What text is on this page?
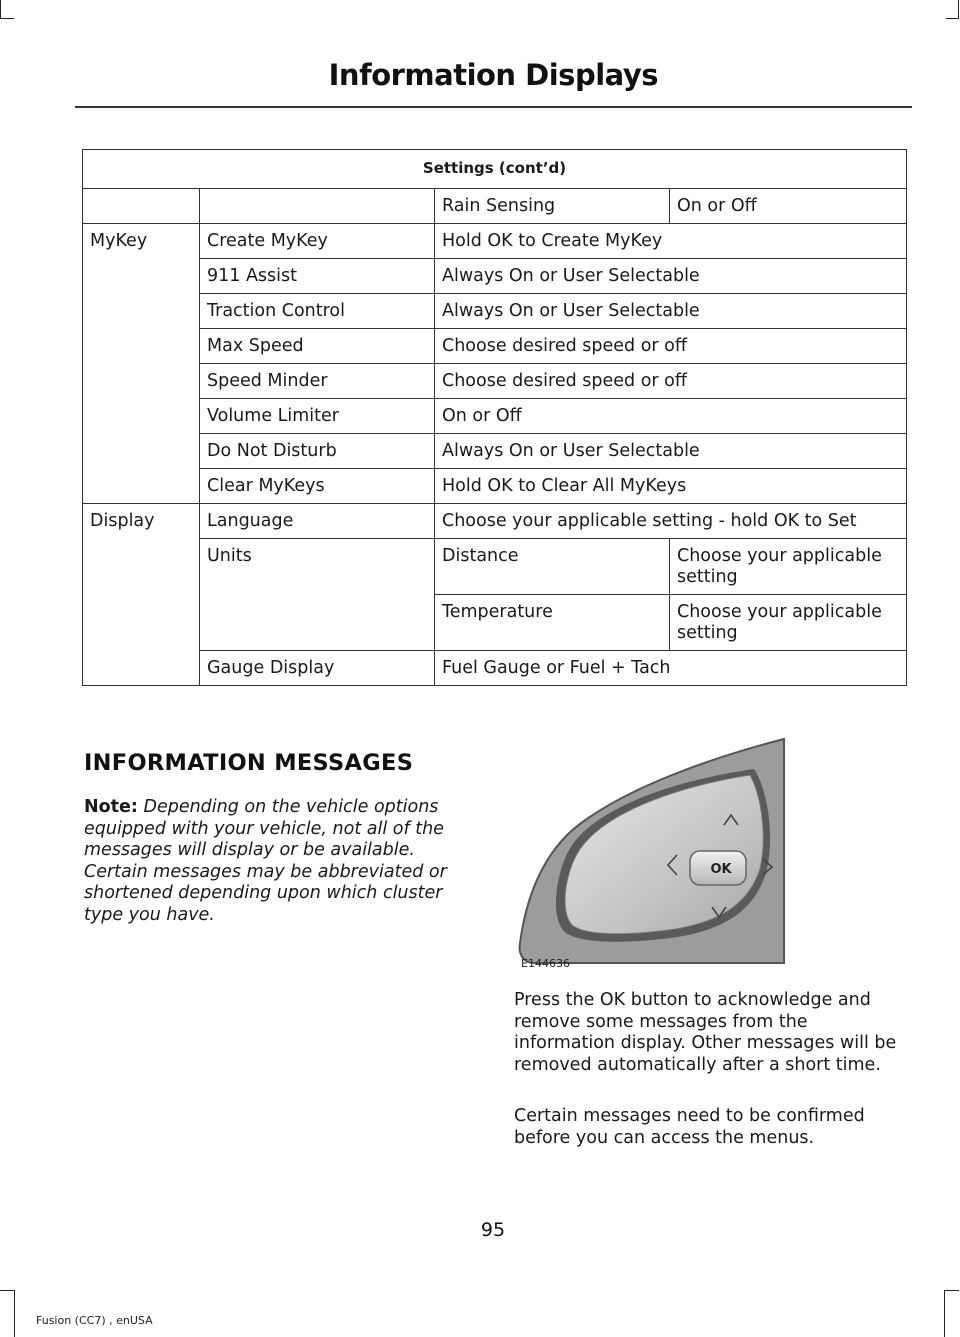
Information Displays
Settings (cont’d)			
		Rain Sensing	On or Off
MyKey	Create MyKey	Hold OK to Create MyKey	
	911 Assist	Always On or User Selectable	
	Traction Control	Always On or User Selectable	
	Max Speed	Choose desired speed or off	
	Speed Minder	Choose desired speed or off	
	Volume Limiter	On or Off	
	Do Not Disturb	Always On or User Selectable	
	Clear MyKeys	Hold OK to Clear All MyKeys	
Display	Language	Choose your applicable setting - hold OK to Set	
	Units	Distance	Choose your applicable setting
		Temperature	Choose your applicable setting
	Gauge Display	Fuel Gauge or Fuel + Tach	
INFORMATION MESSAGES
Note: Depending on the vehicle options equipped with your vehicle, not all of the messages will display or be available. Certain messages may be abbreviated or shortened depending upon which cluster type you have.
OK
E144636
Press the OK button to acknowledge and remove some messages from the information display. Other messages will be removed automatically after a short time.
Certain messages need to be confirmed before you can access the menus.
95
Fusion (CC7) , enUSA
